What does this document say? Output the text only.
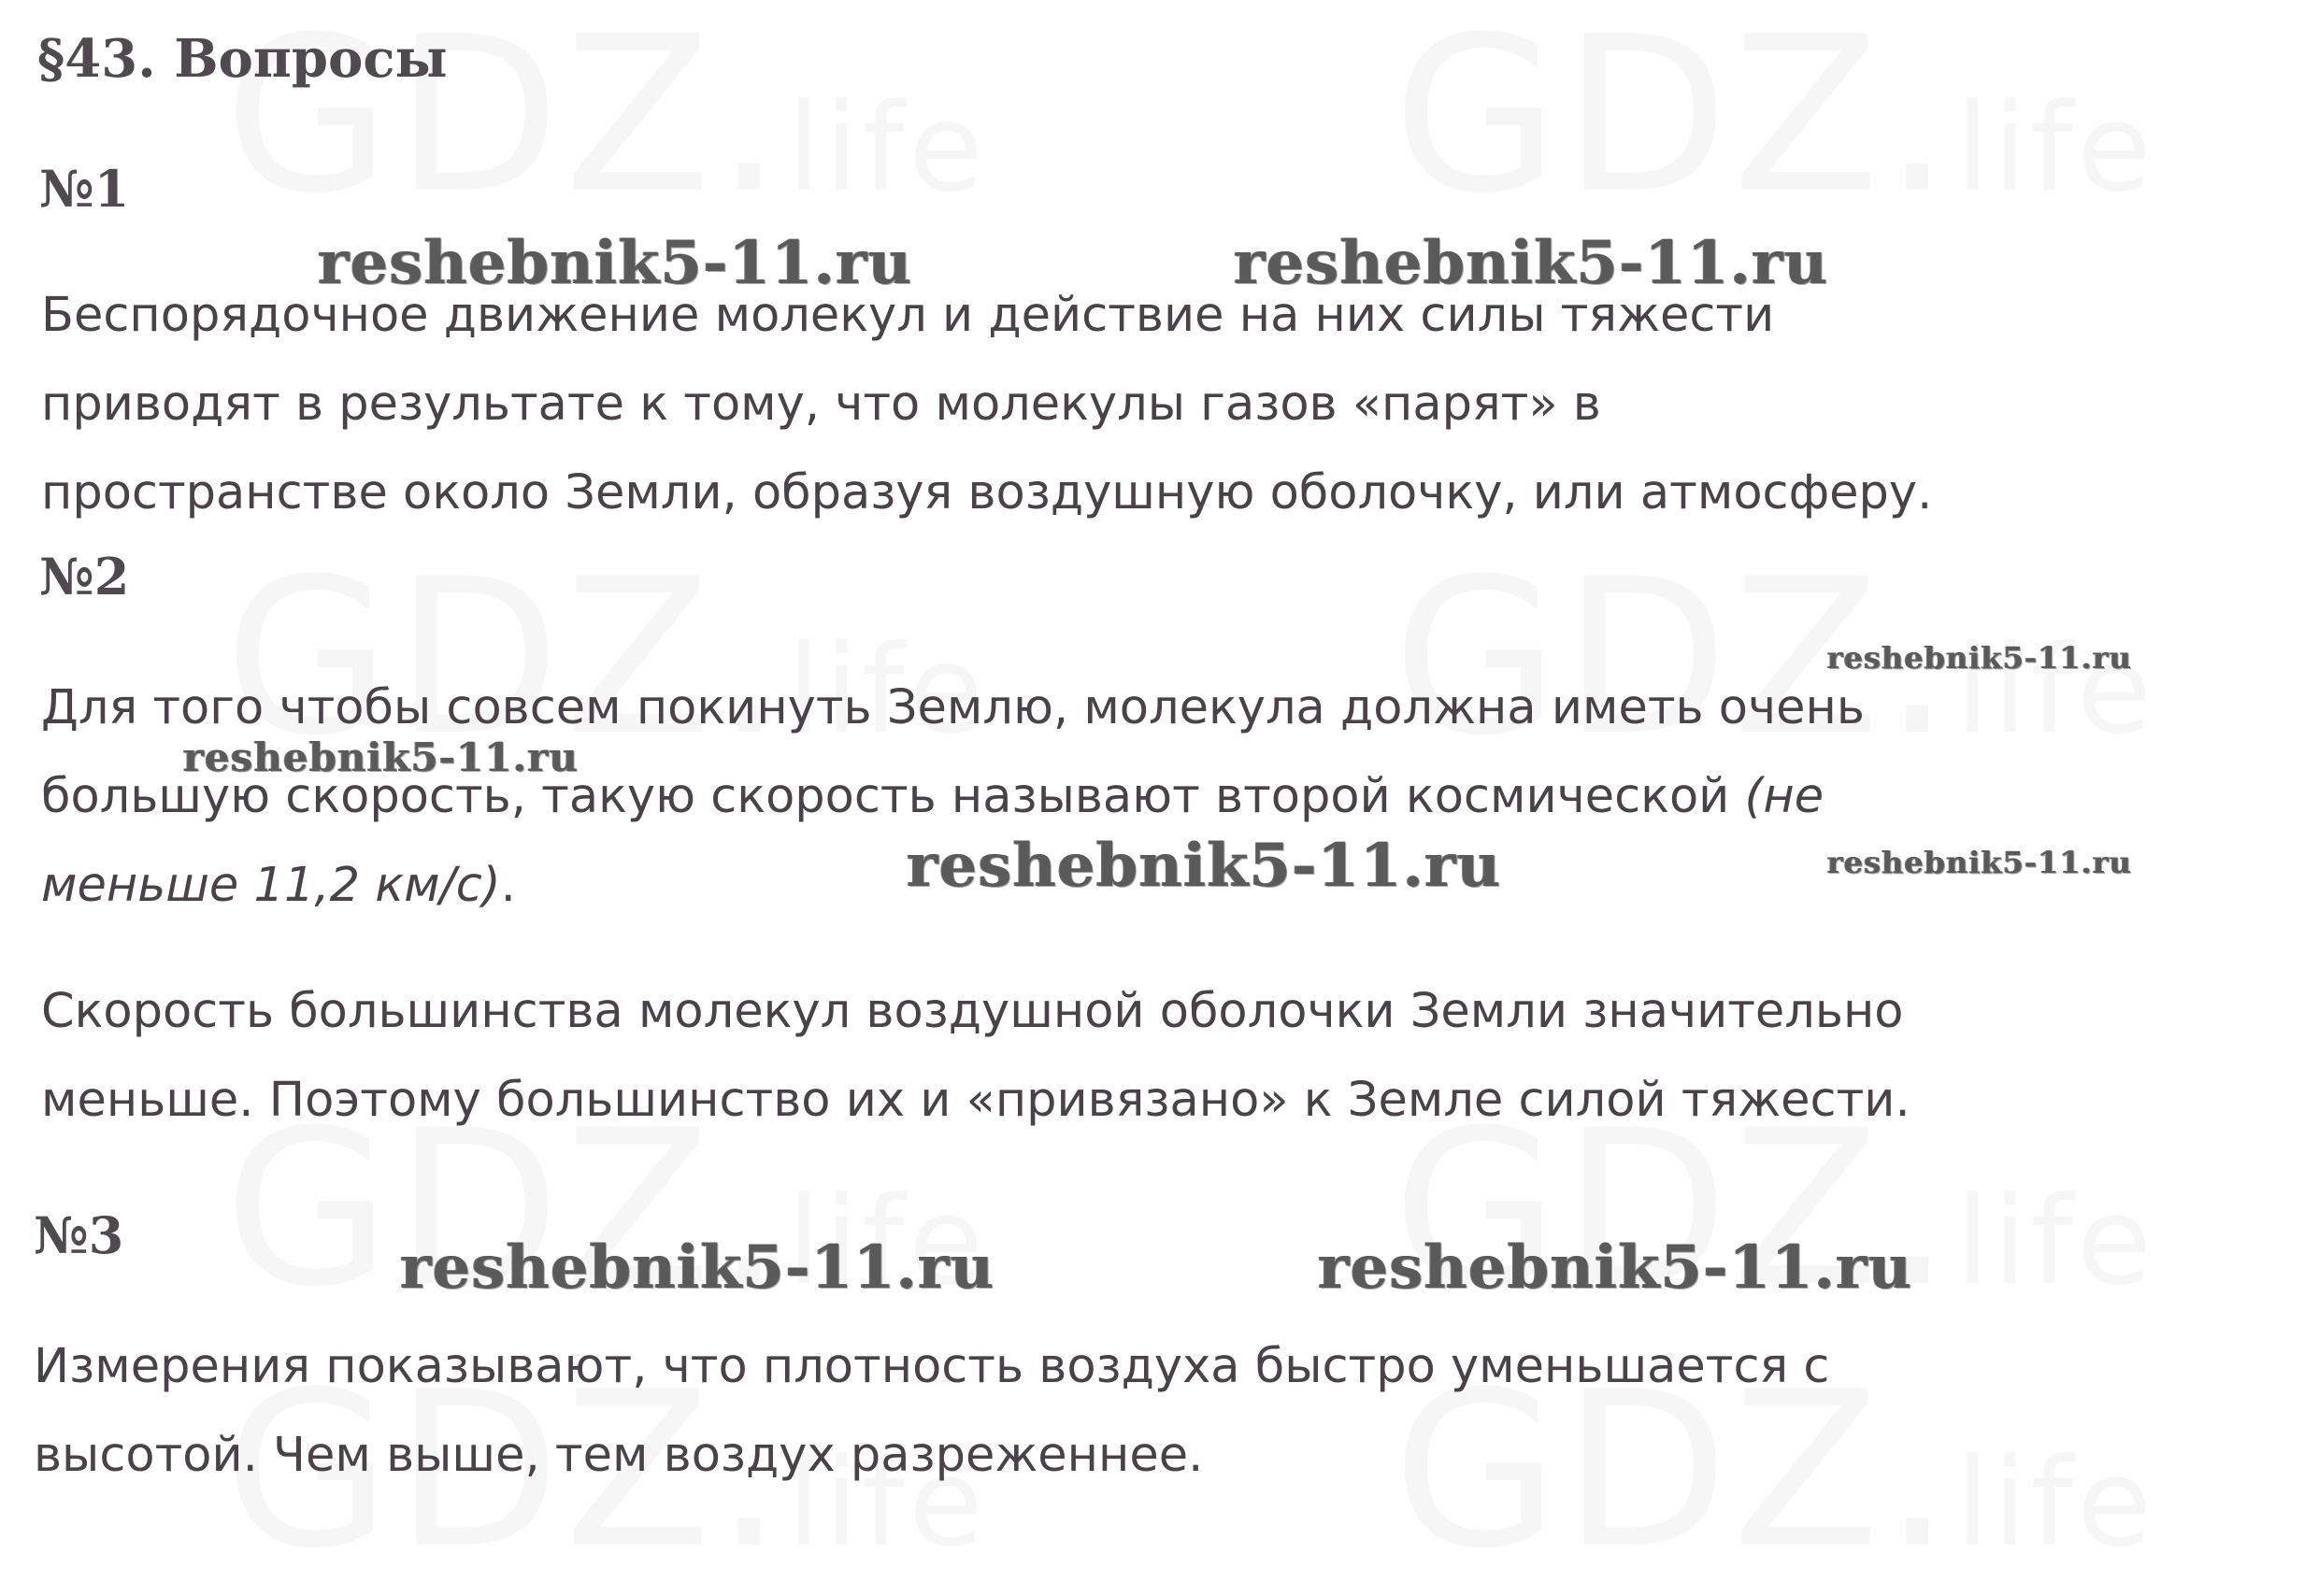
§43. Вопросы
№1
Беспорядочное движение молекул и действие на них силы тяжести
приводят в результате к тому, что молекулы газов «парят» в
пространстве около Земли, образуя воздушную оболочку, или атмосферу.
№2
Для того чтобы совсем покинуть Землю, молекула должна иметь очень
большую скорость, такую скорость называют второй космической (не
меньше 11,2 км/с).
Скорость большинства молекул воздушной оболочки Земли значительно
меньше. Поэтому большинство их и «привязано» к Земле силой тяжести.
№3
Измерения показывают, что плотность воздуха быстро уменьшается с
высотой. Чем выше, тем воздух разреженнее.
reshebnik5-11.ru	reshebnik5-11.ru
reshebnik5-11.ru
reshebnik5-11.ru
reshebnik5-11.ru	reshebnik5-11.ru
reshebnik5-11.ru	reshebnik5-11.ru
